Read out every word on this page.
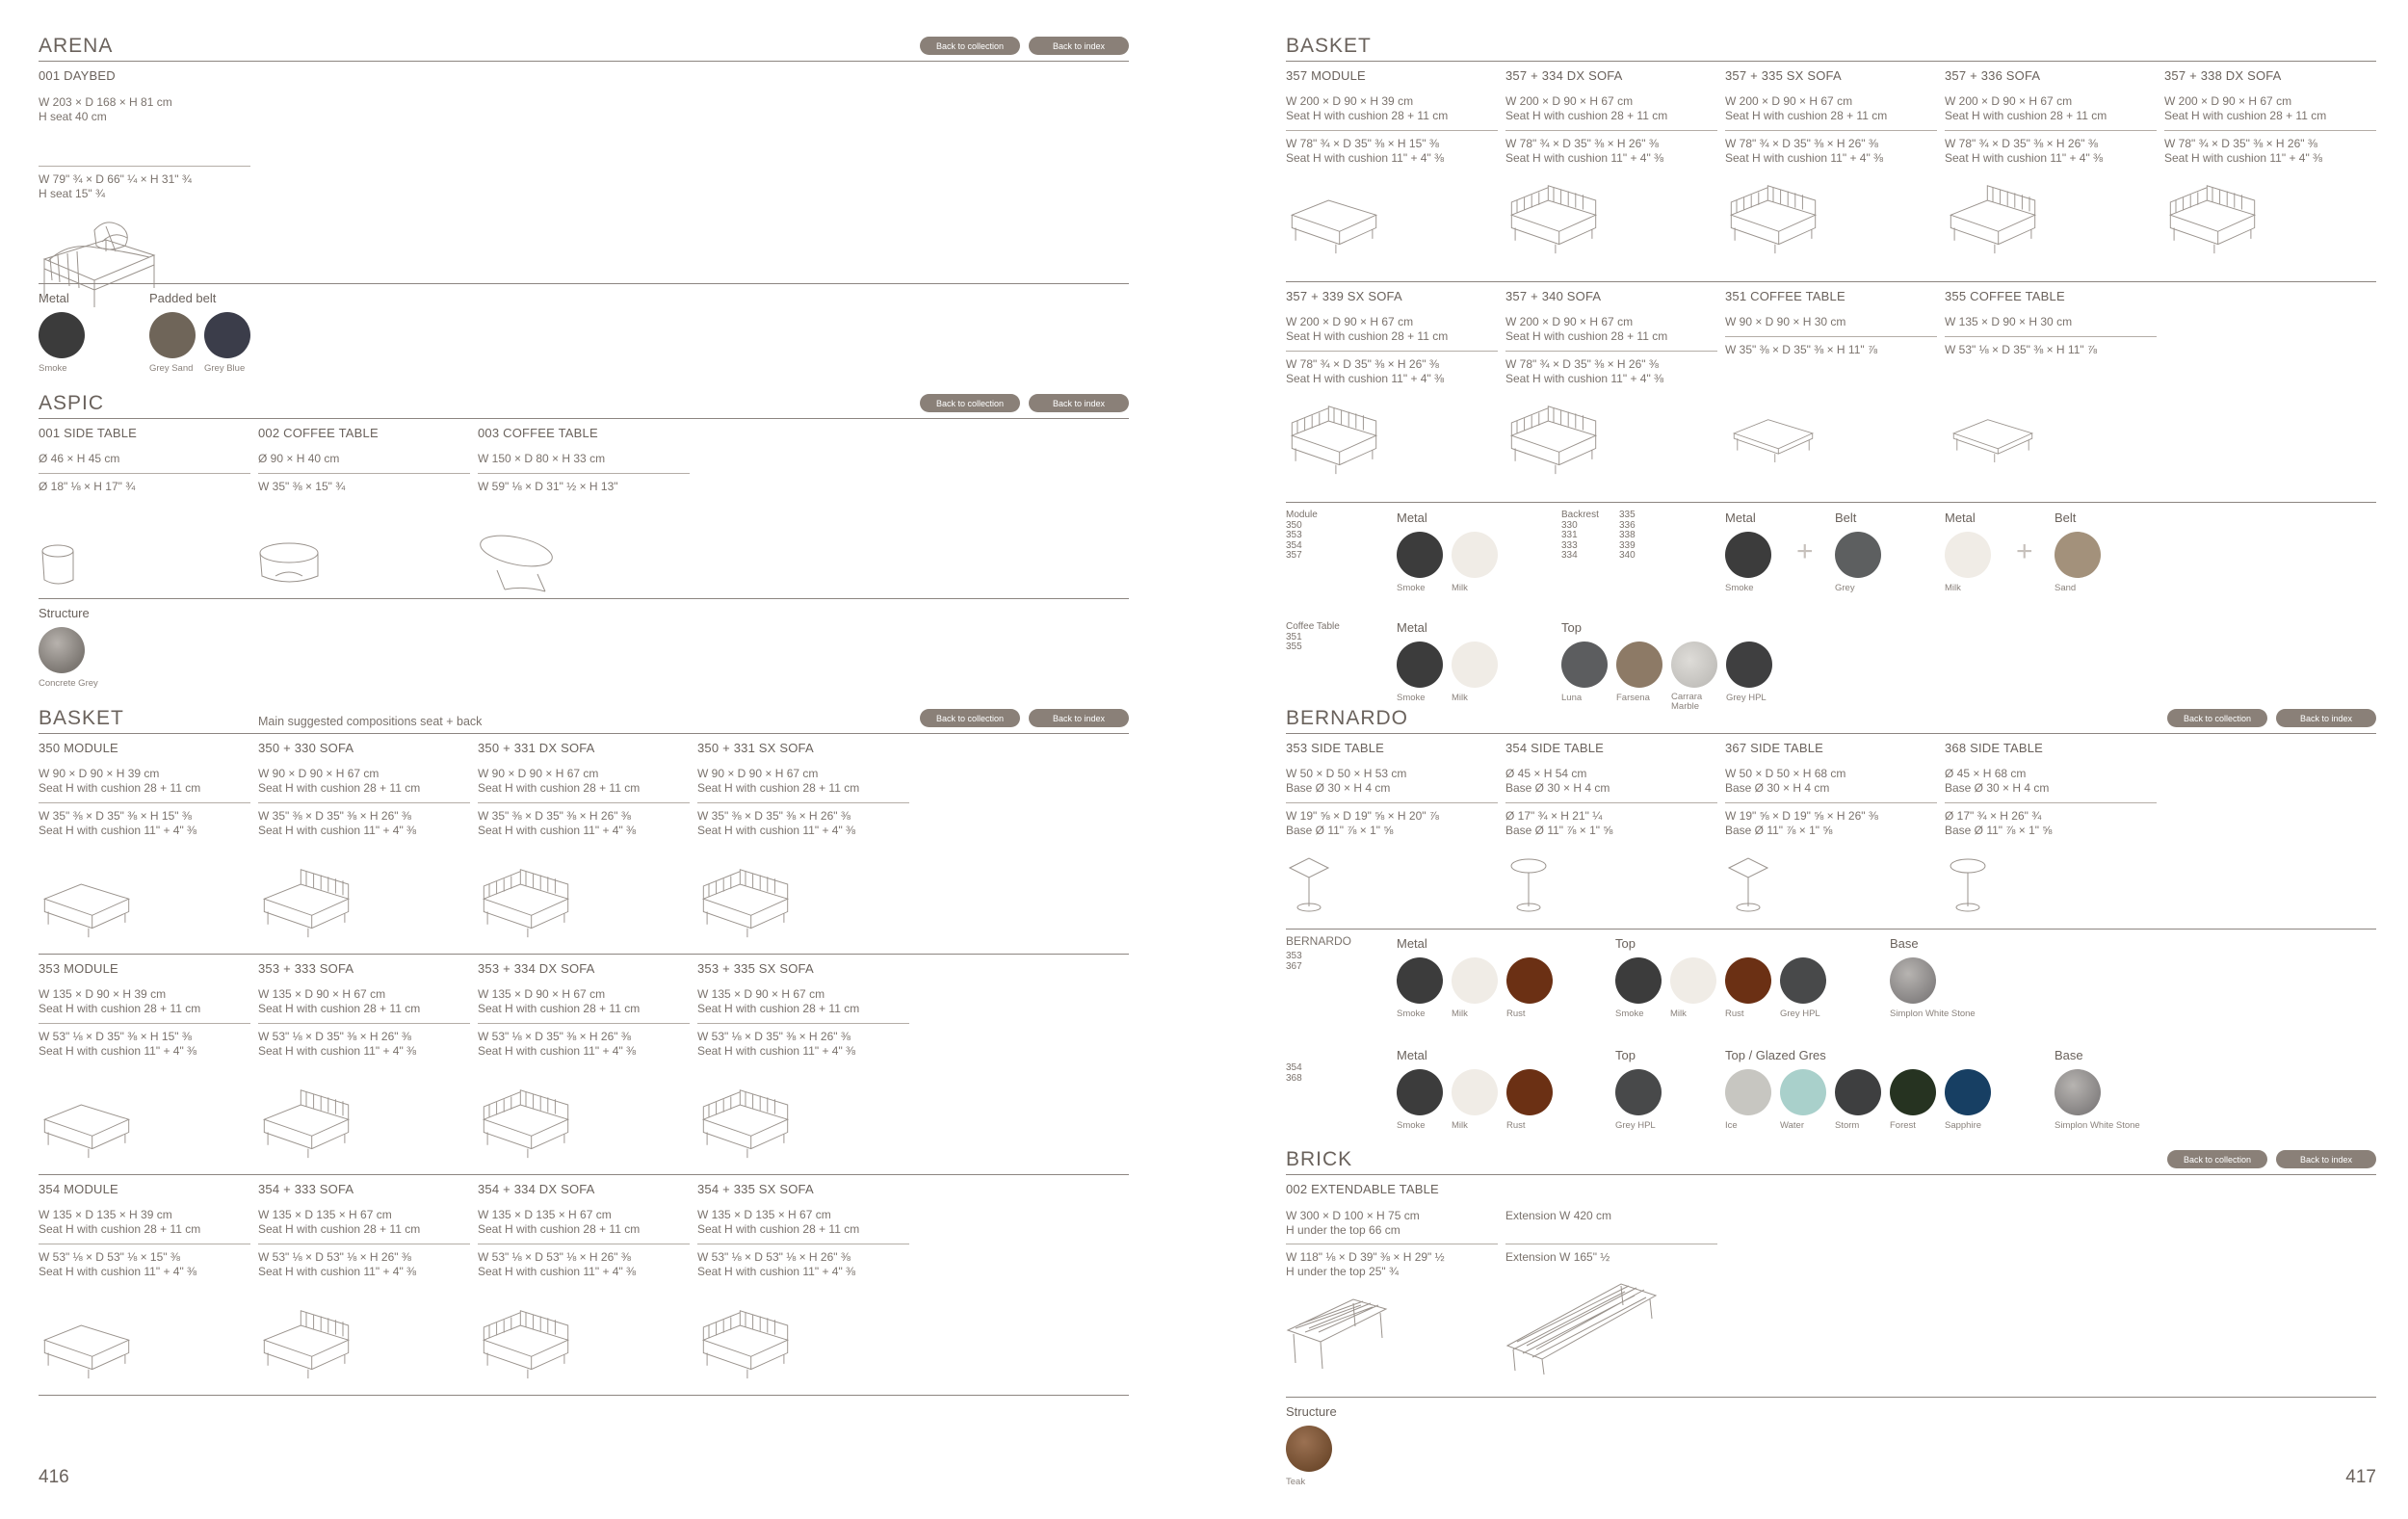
ARENA	Back to collection	Back to index
001 DAYBED
W 203 × D 168 × H 81 cm
H seat 40 cm
W 79" ¾ × D 66" ¼ × H 31" ¾
H seat 15" ¾
Metal
Smoke
Padded belt
Grey Sand	Grey Blue
ASPIC	Back to collection	Back to index
001 SIDE TABLE
Ø 46 × H 45 cm
Ø 18" ⅛ × H 17" ¾
002 COFFEE TABLE
Ø 90 × H 40 cm
W 35" ⅜ × 15" ¾
003 COFFEE TABLE
W 150 × D 80 × H 33 cm
W 59" ⅛ × D 31" ½ × H 13"
Structure
Concrete Grey
BASKET	Main suggested compositions seat + back	Back to collection	Back to index
350 MODULE
W 90 × D 90 × H 39 cm
Seat H with cushion 28 + 11 cm
W 35" ⅜ × D 35" ⅜ × H 15" ⅜
Seat H with cushion 11" + 4" ⅜
350 + 330 SOFA
W 90 × D 90 × H 67 cm
Seat H with cushion 28 + 11 cm
W 35" ⅜ × D 35" ⅜ × H 26" ⅜
Seat H with cushion 11" + 4" ⅜
350 + 331 DX SOFA
W 90 × D 90 × H 67 cm
Seat H with cushion 28 + 11 cm
W 35" ⅜ × D 35" ⅜ × H 26" ⅜
Seat H with cushion 11" + 4" ⅜
350 + 331 SX SOFA
W 90 × D 90 × H 67 cm
Seat H with cushion 28 + 11 cm
W 35" ⅜ × D 35" ⅜ × H 26" ⅜
Seat H with cushion 11" + 4" ⅜
353 MODULE
W 135 × D 90 × H 39 cm
Seat H with cushion 28 + 11 cm
W 53" ⅛ × D 35" ⅜ × H 15" ⅜
Seat H with cushion 11" + 4" ⅜
353 + 333 SOFA
W 135 × D 90 × H 67 cm
Seat H with cushion 28 + 11 cm
W 53" ⅛ × D 35" ⅜ × H 26" ⅜
Seat H with cushion 11" + 4" ⅜
353 + 334 DX SOFA
W 135 × D 90 × H 67 cm
Seat H with cushion 28 + 11 cm
W 53" ⅛ × D 35" ⅜ × H 26" ⅜
Seat H with cushion 11" + 4" ⅜
353 + 335 SX SOFA
W 135 × D 90 × H 67 cm
Seat H with cushion 28 + 11 cm
W 53" ⅛ × D 35" ⅜ × H 26" ⅜
Seat H with cushion 11" + 4" ⅜
354 MODULE
W 135 × D 135 × H 39 cm
Seat H with cushion 28 + 11 cm
W 53" ⅛ × D 53" ⅛ × 15" ⅜
Seat H with cushion 11" + 4" ⅜
354 + 333 SOFA
W 135 × D 135 × H 67 cm
Seat H with cushion 28 + 11 cm
W 53" ⅛ × D 53" ⅛ × H 26" ⅜
Seat H with cushion 11" + 4" ⅜
354 + 334 DX SOFA
W 135 × D 135 × H 67 cm
Seat H with cushion 28 + 11 cm
W 53" ⅛ × D 53" ⅛ × H 26" ⅜
Seat H with cushion 11" + 4" ⅜
354 + 335 SX SOFA
W 135 × D 135 × H 67 cm
Seat H with cushion 28 + 11 cm
W 53" ⅛ × D 53" ⅛ × H 26" ⅜
Seat H with cushion 11" + 4" ⅜
416
BASKET
357 MODULE
W 200 × D 90 × H 39 cm
Seat H with cushion 28 + 11 cm
W 78" ¾ × D 35" ⅜ × H 15" ⅜
Seat H with cushion 11" + 4" ⅜
357 + 334 DX SOFA
W 200 × D 90 × H 67 cm
Seat H with cushion 28 + 11 cm
W 78" ¾ × D 35" ⅜ × H 26" ⅜
Seat H with cushion 11" + 4" ⅜
357 + 335 SX SOFA
W 200 × D 90 × H 67 cm
Seat H with cushion 28 + 11 cm
W 78" ¾ × D 35" ⅜ × H 26" ⅜
Seat H with cushion 11" + 4" ⅜
357 + 336 SOFA
W 200 × D 90 × H 67 cm
Seat H with cushion 28 + 11 cm
W 78" ¾ × D 35" ⅜ × H 26" ⅜
Seat H with cushion 11" + 4" ⅜
357 + 338 DX SOFA
W 200 × D 90 × H 67 cm
Seat H with cushion 28 + 11 cm
W 78" ¾ × D 35" ⅜ × H 26" ⅜
Seat H with cushion 11" + 4" ⅜
357 + 339 SX SOFA
W 200 × D 90 × H 67 cm
Seat H with cushion 28 + 11 cm
W 78" ¾ × D 35" ⅜ × H 26" ⅜
Seat H with cushion 11" + 4" ⅜
357 + 340 SOFA
W 200 × D 90 × H 67 cm
Seat H with cushion 28 + 11 cm
W 78" ¾ × D 35" ⅜ × H 26" ⅜
Seat H with cushion 11" + 4" ⅜
351 COFFEE TABLE
W 90 × D 90 × H 30 cm
W 35" ⅜ × D 35" ⅜ × H 11" ⅞
355 COFFEE TABLE
W 135 × D 90 × H 30 cm
W 53" ⅛ × D 35" ⅜ × H 11" ⅞
Module
350
353
354
357
Metal
Smoke	Milk
Backrest
330
331
333
334
335
336
338
339
340
Metal	Belt
Smoke
+
Grey
Metal	Belt
Milk
+
Sand
Coffee Table
351
355
Metal
Smoke	Milk
Top
Luna	Farsena	Carrara Marble
Grey HPL
BERNARDO	Back to collection	Back to index
353 SIDE TABLE
W 50 × D 50 × H 53 cm
Base Ø 30 × H 4 cm
W 19" ⅝ × D 19" ⅝ × H 20" ⅞
Base Ø 11" ⅞ × 1" ⅝
354 SIDE TABLE
Ø 45 × H 54 cm
Base Ø 30 × H 4 cm
Ø 17" ¾ × H 21" ¼
Base Ø 11" ⅞ × 1" ⅝
367 SIDE TABLE
W 50 × D 50 × H 68 cm
Base Ø 30 × H 4 cm
W 19" ⅝ × D 19" ⅝ × H 26" ⅜
Base Ø 11" ⅞ × 1" ⅝
368 SIDE TABLE
Ø 45 × H 68 cm
Base Ø 30 × H 4 cm
Ø 17" ¾ × H 26" ¾
Base Ø 11" ⅞ × 1" ⅝
BERNARDO
353
367
354
368
Metal
Smoke	Milk	Rust
Top
Smoke	Milk	Rust	Grey HPL
Base
Simplon White Stone
Metal
Smoke	Milk	Rust
Top
Grey HPL
Top / Glazed Gres
Ice	Water	Storm	Forest	Sapphire
Base
Simplon White Stone
BRICK	Back to collection	Back to index
002 EXTENDABLE TABLE
W 300 × D 100 × H 75 cm
H under the top 66 cm
W 118" ⅛ × D 39" ⅜ × H 29" ½
H under the top 25" ¾
Extension W 420 cm
Extension W 165" ½
Structure
Teak	417
